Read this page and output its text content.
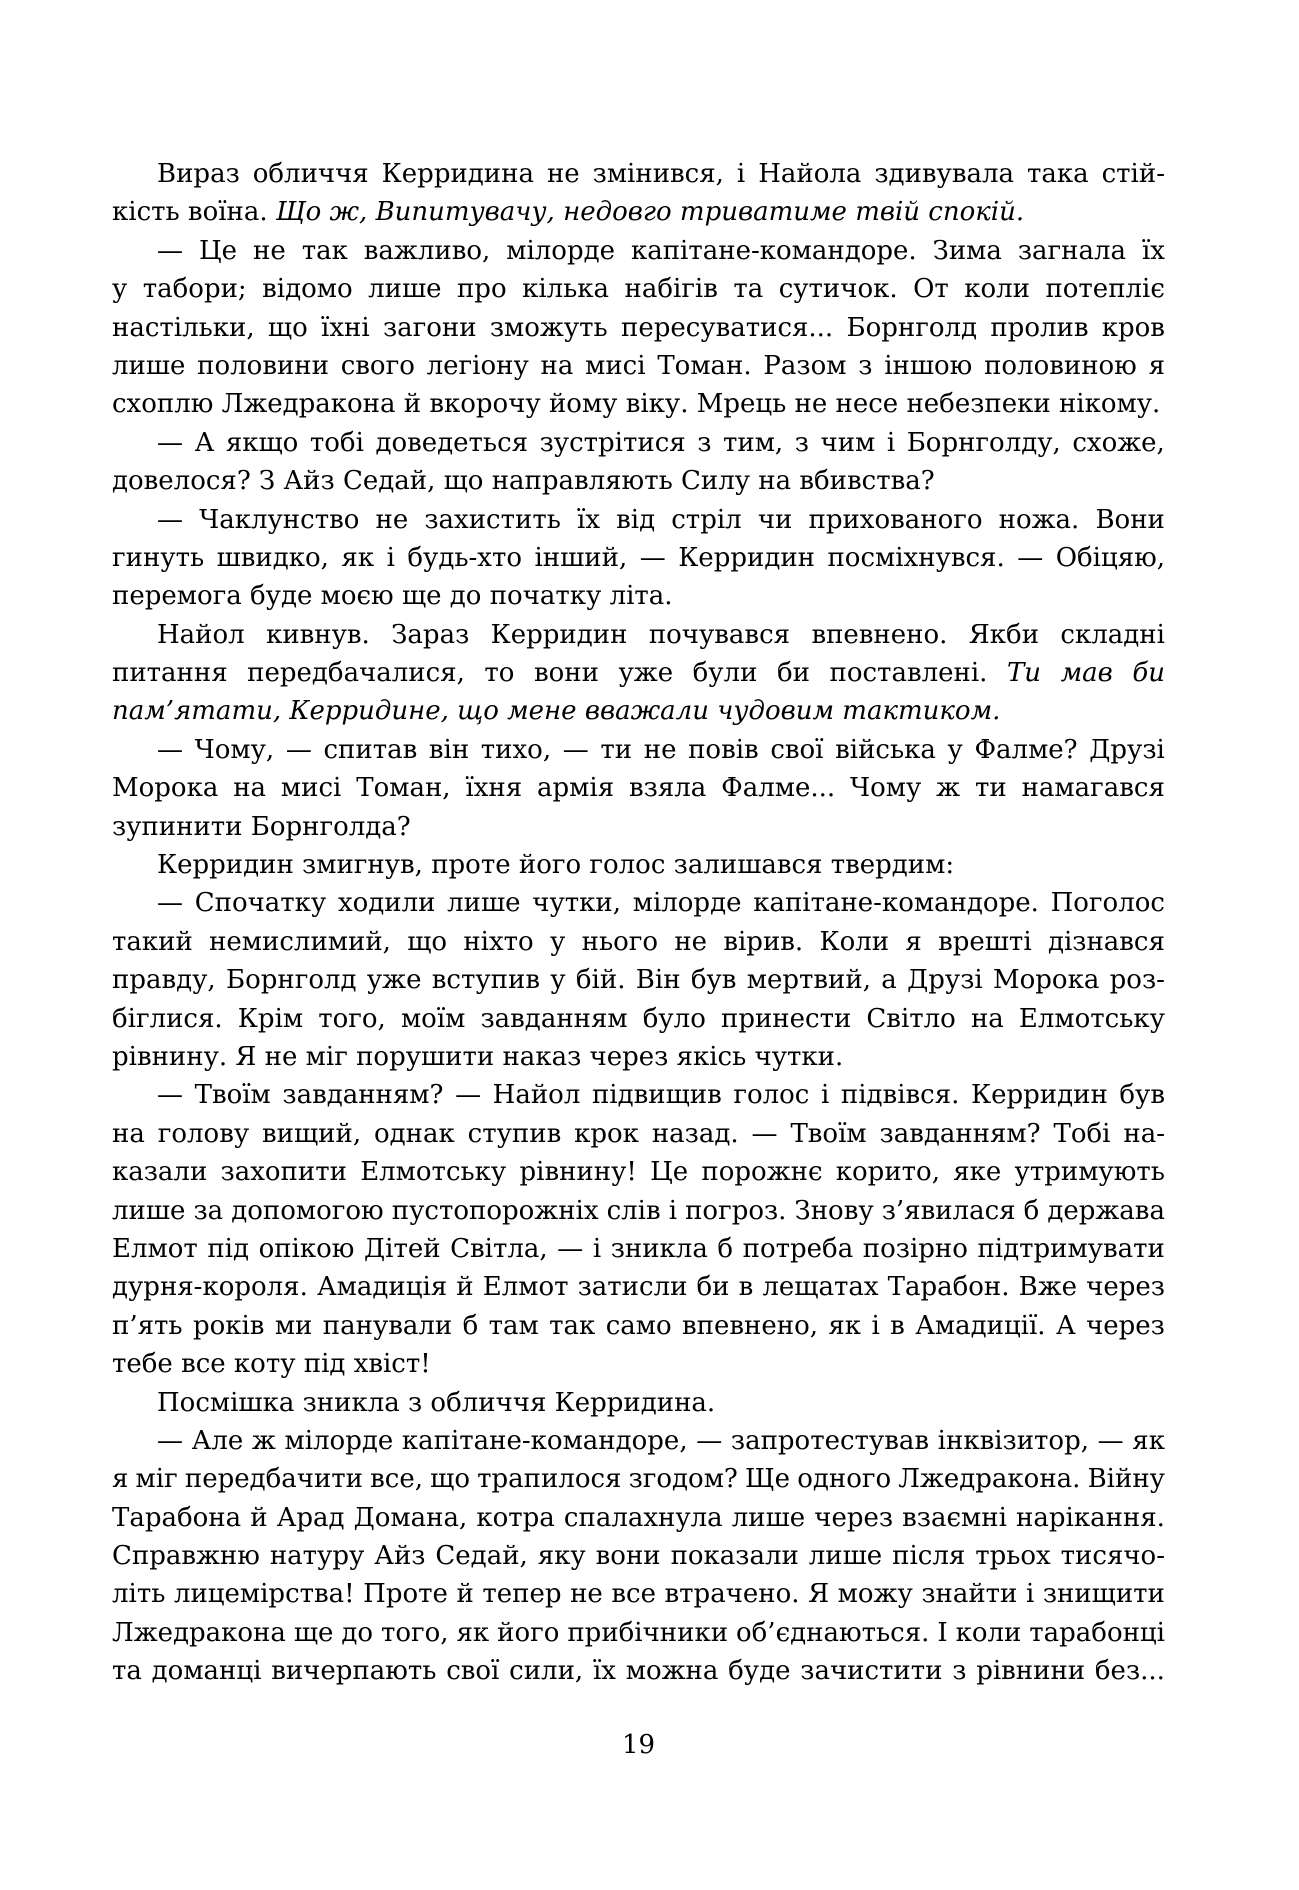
Вираз обличчя Керридина не змінився, і Найола здивувала така стій-
кість воїна. Що ж, Випитувачу, недовго триватиме твій спокій.
— Це не так важливо, мілорде капітане-командоре. Зима загнала їх
у табори; відомо лише про кілька набігів та сутичок. От коли потепліє
настільки, що їхні загони зможуть пересуватися... Борнголд пролив кров
лише половини свого легіону на мисі Томан. Разом з іншою половиною я
схоплю Лжедракона й вкорочу йому віку. Мрець не несе небезпеки нікому.
— А якщо тобі доведеться зустрітися з тим, з чим і Борнголду, схоже,
довелося? З Айз Седай, що направляють Силу на вбивства?
— Чаклунство не захистить їх від стріл чи прихованого ножа. Вони
гинуть швидко, як і будь-хто інший, — Керридин посміхнувся. — Обіцяю,
перемога буде моєю ще до початку літа.
Найол кивнув. Зараз Керридин почувався впевнено. Якби складні
питання передбачалися, то вони уже були би поставлені. Ти мав би
пам’ятати, Керридине, що мене вважали чудовим тактиком.
— Чому, — спитав він тихо, — ти не повів свої війська у Фалме? Друзі
Морока на мисі Томан, їхня армія взяла Фалме... Чому ж ти намагався
зупинити Борнголда?
Керридин змигнув, проте його голос залишався твердим:
— Спочатку ходили лише чутки, мілорде капітане-командоре. Поголос
такий немислимий, що ніхто у нього не вірив. Коли я врешті дізнався
правду, Борнголд уже вступив у бій. Він був мертвий, а Друзі Морока роз-
біглися. Крім того, моїм завданням було принести Світло на Елмотську
рівнину. Я не міг порушити наказ через якісь чутки.
— Твоїм завданням? — Найол підвищив голос і підвівся. Керридин був
на голову вищий, однак ступив крок назад. — Твоїм завданням? Тобі на-
казали захопити Елмотську рівнину! Це порожнє корито, яке утримують
лише за допомогою пустопорожніх слів і погроз. Знову з’явилася б держава
Елмот під опікою Дітей Світла, — і зникла б потреба позірно підтримувати
дурня-короля. Амадиція й Елмот затисли би в лещатах Тарабон. Вже через
п’ять років ми панували б там так само впевнено, як і в Амадиції. А через
тебе все коту під хвіст!
Посмішка зникла з обличчя Керридина.
— Але ж мілорде капітане-командоре, — запротестував інквізитор, — як
я міг передбачити все, що трапилося згодом? Ще одного Лжедракона. Війну
Тарабона й Арад Домана, котра спалахнула лише через взаємні нарікання.
Справжню натуру Айз Седай, яку вони показали лише після трьох тисячо-
літь лицемірства! Проте й тепер не все втрачено. Я можу знайти і знищити
Лжедракона ще до того, як його прибічники об’єднаються. І коли тарабонці
та доманці вичерпають свої сили, їх можна буде зачистити з рівнини без...
19
